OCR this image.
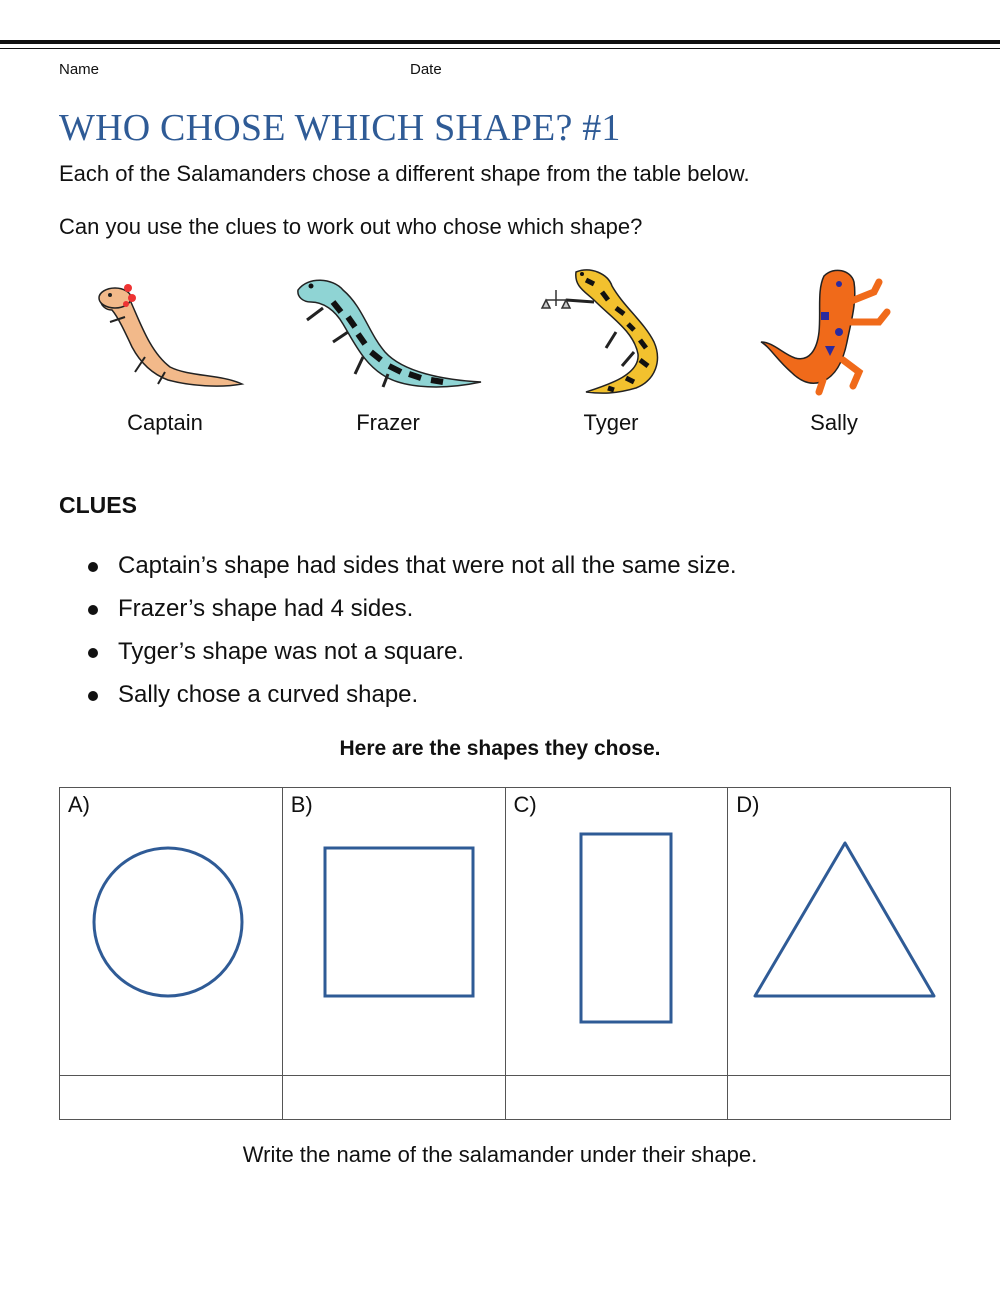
Name	Date
WHO CHOSE WHICH SHAPE? #1

Each of the Salamanders chose a different shape from the table below.

Can you use the clues to work out who chose which shape?

Captain	Frazer	Tyger	Sally
CLUES
Captain’s shape had sides that were not all the same size.
Frazer’s shape had 4 sides.
Tyger’s shape was not a square.
Sally chose a curved shape.
Here are the shapes they chose.
A)	B)	C)	D)

Write the name of the salamander under their shape.
